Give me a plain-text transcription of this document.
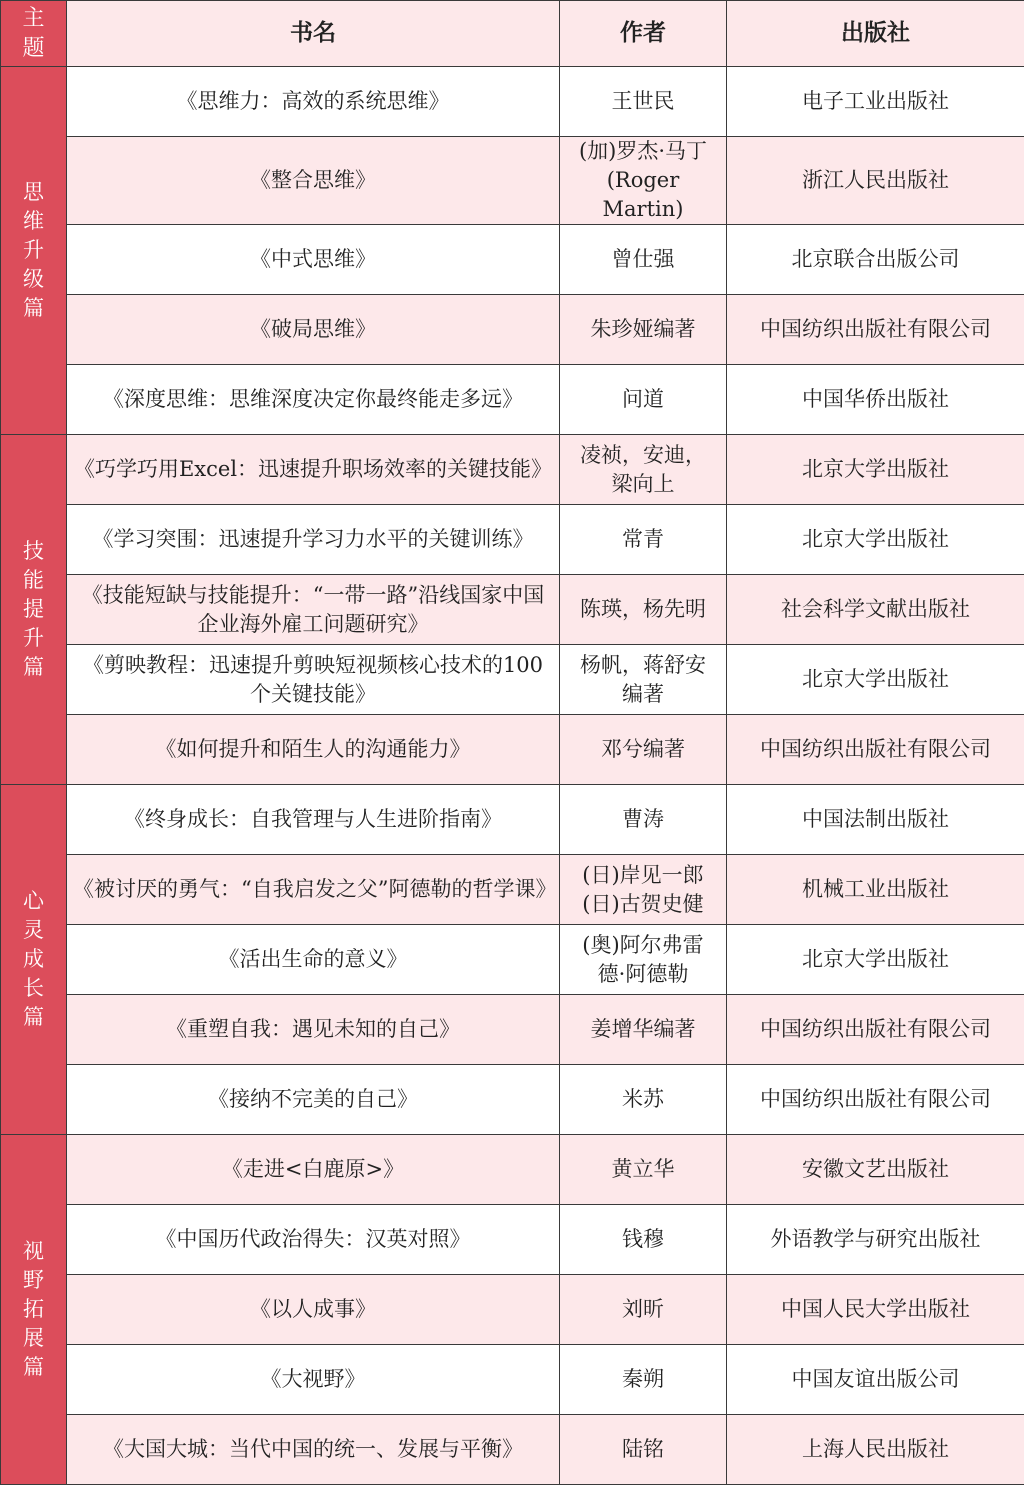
主题	书名	作者	出版社
思维升级篇	《思维力：高效的系统思维》	王世民	电子工业出版社
	《整合思维》	(加)罗杰·马丁(Roger Martin)	浙江人民出版社
	《中式思维》	曾仕强	北京联合出版公司
	《破局思维》	朱珍娅编著	中国纺织出版社有限公司
	《深度思维：思维深度决定你最终能走多远》	问道	中国华侨出版社
技能提升篇	《巧学巧用Excel：迅速提升职场效率的关键技能》	凌祯，安迪，梁向上	北京大学出版社
	《学习突围：迅速提升学习力水平的关键训练》	常青	北京大学出版社
	《技能短缺与技能提升：“一带一路”沿线国家中国企业海外雇工问题研究》	陈瑛，杨先明	社会科学文献出版社
	《剪映教程：迅速提升剪映短视频核心技术的100个关键技能》	杨帆，蒋舒安编著	北京大学出版社
	《如何提升和陌生人的沟通能力》	邓兮编著	中国纺织出版社有限公司
心灵成长篇	《终身成长：自我管理与人生进阶指南》	曹涛	中国法制出版社
	《被讨厌的勇气：“自我启发之父”阿德勒的哲学课》	(日)岸见一郎 (日)古贺史健	机械工业出版社
	《活出生命的意义》	(奥)阿尔弗雷德·阿德勒	北京大学出版社
	《重塑自我：遇见未知的自己》	姜增华编著	中国纺织出版社有限公司
	《接纳不完美的自己》	米苏	中国纺织出版社有限公司
视野拓展篇	《走进<白鹿原>》	黄立华	安徽文艺出版社
	《中国历代政治得失：汉英对照》	钱穆	外语教学与研究出版社
	《以人成事》	刘昕	中国人民大学出版社
	《大视野》	秦朔	中国友谊出版公司
	《大国大城：当代中国的统一、发展与平衡》	陆铭	上海人民出版社
